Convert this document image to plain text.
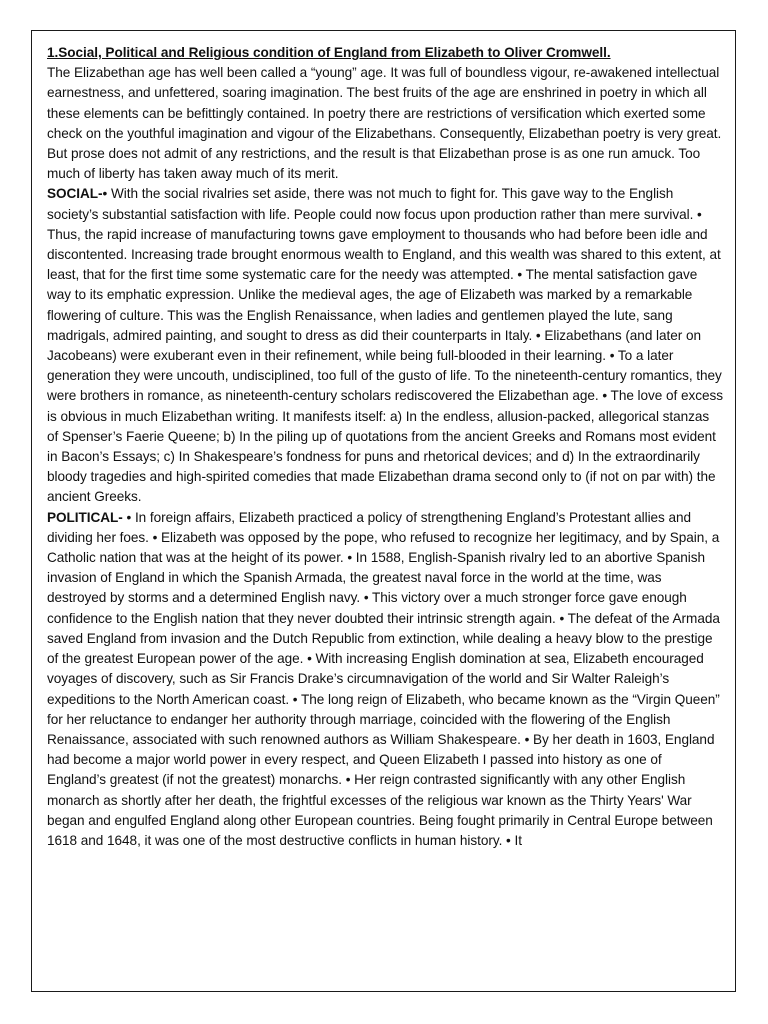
1.Social, Political and Religious condition of England from Elizabeth to Oliver Cromwell.

The Elizabethan age has well been called a “young” age. It was full of boundless vigour, re-awakened intellectual earnestness, and unfettered, soaring imagination. The best fruits of the age are enshrined in poetry in which all these elements can be befittingly contained. In poetry there are restrictions of versification which exerted some check on the youthful imagination and vigour of the Elizabethans. Consequently, Elizabethan poetry is very great. But prose does not admit of any restrictions, and the result is that Elizabethan prose is as one run amuck. Too much of liberty has taken away much of its merit.

SOCIAL-• With the social rivalries set aside, there was not much to fight for. This gave way to the English society’s substantial satisfaction with life. People could now focus upon production rather than mere survival. • Thus, the rapid increase of manufacturing towns gave employment to thousands who had before been idle and discontented. Increasing trade brought enormous wealth to England, and this wealth was shared to this extent, at least, that for the first time some systematic care for the needy was attempted. • The mental satisfaction gave way to its emphatic expression. Unlike the medieval ages, the age of Elizabeth was marked by a remarkable flowering of culture. This was the English Renaissance, when ladies and gentlemen played the lute, sang madrigals, admired painting, and sought to dress as did their counterparts in Italy. • Elizabethans (and later on Jacobeans) were exuberant even in their refinement, while being full-blooded in their learning. • To a later generation they were uncouth, undisciplined, too full of the gusto of life. To the nineteenth-century romantics, they were brothers in romance, as nineteenth-century scholars rediscovered the Elizabethan age. • The love of excess is obvious in much Elizabethan writing. It manifests itself: a) In the endless, allusion-packed, allegorical stanzas of Spenser’s Faerie Queene; b) In the piling up of quotations from the ancient Greeks and Romans most evident in Bacon’s Essays; c) In Shakespeare’s fondness for puns and rhetorical devices; and d) In the extraordinarily bloody tragedies and high-spirited comedies that made Elizabethan drama second only to (if not on par with) the ancient Greeks.

POLITICAL- • In foreign affairs, Elizabeth practiced a policy of strengthening England’s Protestant allies and dividing her foes. • Elizabeth was opposed by the pope, who refused to recognize her legitimacy, and by Spain, a Catholic nation that was at the height of its power. • In 1588, English-Spanish rivalry led to an abortive Spanish invasion of England in which the Spanish Armada, the greatest naval force in the world at the time, was destroyed by storms and a determined English navy. • This victory over a much stronger force gave enough confidence to the English nation that they never doubted their intrinsic strength again. • The defeat of the Armada saved England from invasion and the Dutch Republic from extinction, while dealing a heavy blow to the prestige of the greatest European power of the age. • With increasing English domination at sea, Elizabeth encouraged voyages of discovery, such as Sir Francis Drake’s circumnavigation of the world and Sir Walter Raleigh’s expeditions to the North American coast. • The long reign of Elizabeth, who became known as the “Virgin Queen” for her reluctance to endanger her authority through marriage, coincided with the flowering of the English Renaissance, associated with such renowned authors as William Shakespeare. • By her death in 1603, England had become a major world power in every respect, and Queen Elizabeth I passed into history as one of England’s greatest (if not the greatest) monarchs. • Her reign contrasted significantly with any other English monarch as shortly after her death, the frightful excesses of the religious war known as the Thirty Years' War began and engulfed England along other European countries. Being fought primarily in Central Europe between 1618 and 1648, it was one of the most destructive conflicts in human history. • It
